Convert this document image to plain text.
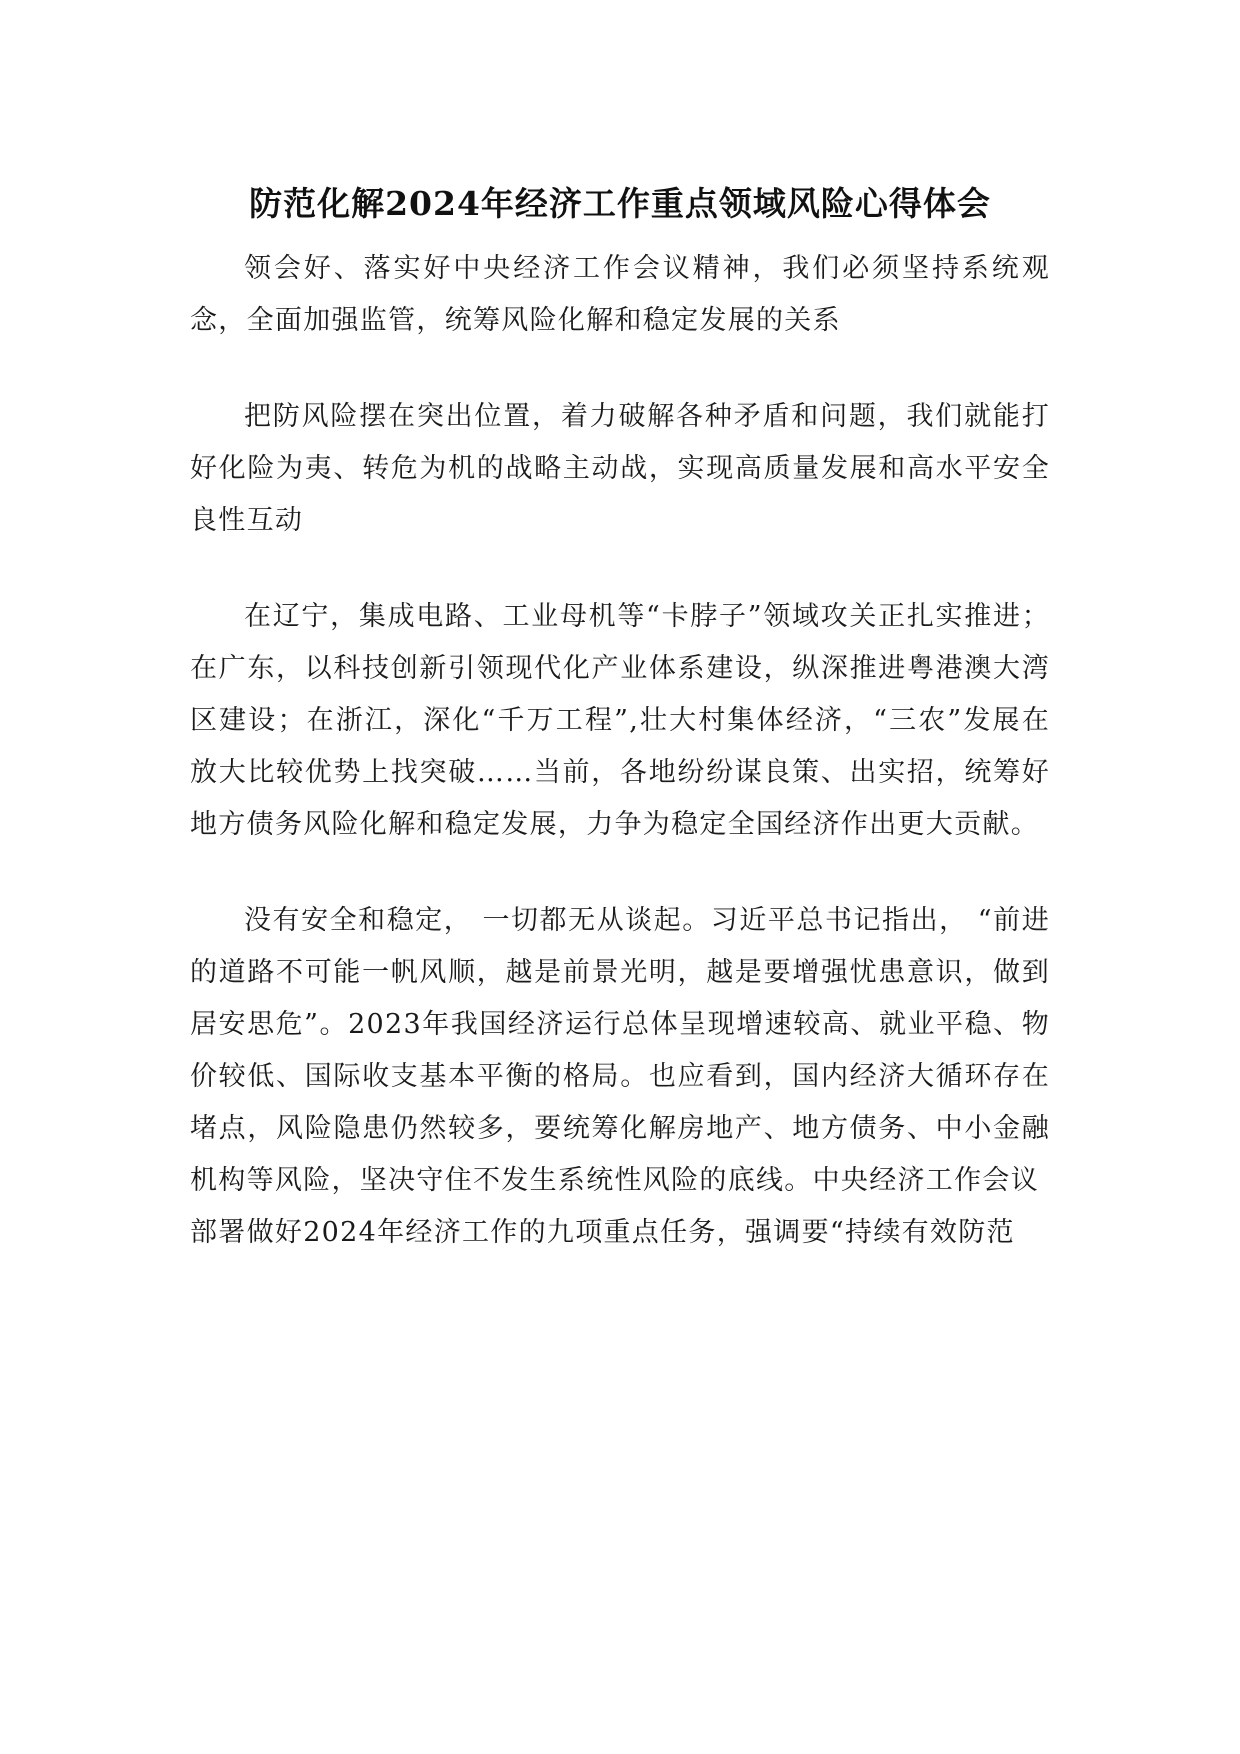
防范化解2024年经济工作重点领域风险心得体会

领会好、落实好中央经济工作会议精神，我们必须坚持系统观念，全面加强监管，统筹风险化解和稳定发展的关系

把防风险摆在突出位置，着力破解各种矛盾和问题，我们就能打好化险为夷、转危为机的战略主动战，实现高质量发展和高水平安全良性互动

在辽宁，集成电路、工业母机等“卡脖子”领域攻关正扎实推进；在广东，以科技创新引领现代化产业体系建设，纵深推进粤港澳大湾区建设；在浙江，深化“千万工程”,壮大村集体经济，“三农”发展在放大比较优势上找突破……当前，各地纷纷谋良策、出实招，统筹好地方债务风险化解和稳定发展，力争为稳定全国经济作出更大贡献。

没有安全和稳定， 一切都无从谈起。习近平总书记指出， “前进 的道路不可能一帆风顺，越是前景光明，越是要增强忧患意识，做到 居安思危”。2023年我国经济运行总体呈现增速较高、就业平稳、物 价较低、国际收支基本平衡的格局。也应看到，国内经济大循环存在 堵点，风险隐患仍然较多，要统筹化解房地产、地方债务、中小金融 机构等风险，坚决守住不发生系统性风险的底线。中央经济工作会议

部署做好2024年经济工作的九项重点任务，强调要“持续有效防范
